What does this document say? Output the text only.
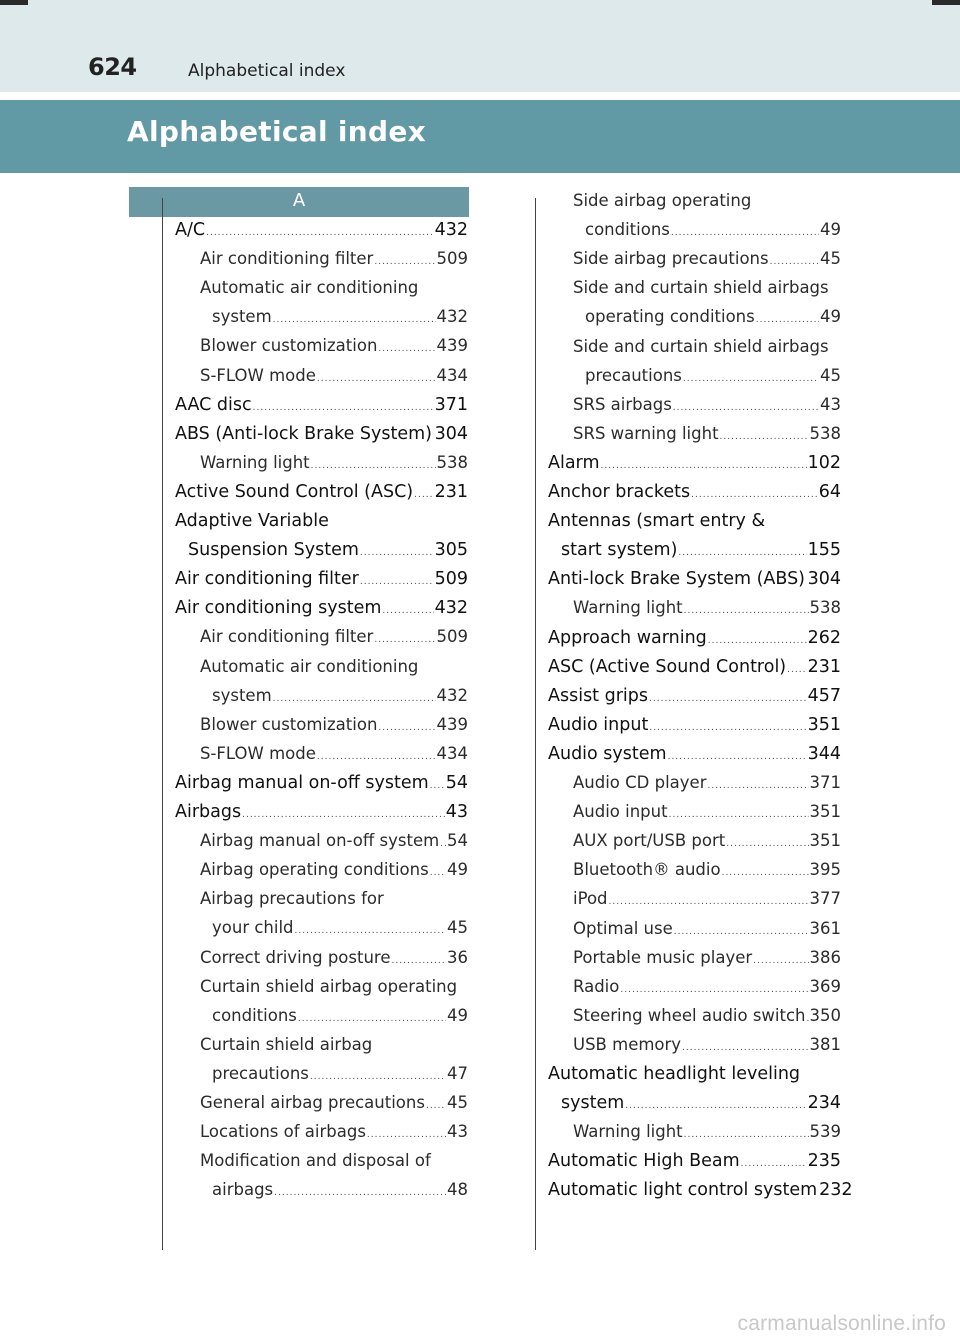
624	Alphabetical index
Alphabetical index
A
A/C .....	432
Air conditioning filter .....	509
Automatic air conditioning
system .....	432
Blower customization .....	439
S-FLOW mode .....	434
AAC disc .....	371
ABS (Anti-lock Brake System) ..... 304
Warning light .....	538
Active Sound Control (ASC) ..... 231
Adaptive Variable
Suspension System .....	305
Air conditioning filter .....	509
Air conditioning system .....	432
Air conditioning filter .....	509
Automatic air conditioning
system .....	432
Blower customization .....	439
S-FLOW mode .....	434
Airbag manual on-off system ..... 54
Airbags .....	43
Airbag manual on-off system ..... 54
Airbag operating conditions ..... 49
Airbag precautions for
your child .....	45
Correct driving posture .....	36
Curtain shield airbag operating
conditions .....	49
Curtain shield airbag
precautions .....	47
General airbag precautions ..... 45
Locations of airbags .....	43
Modification and disposal of
airbags .....	48
Side airbag operating
conditions .....	49
Side airbag precautions .....	45
Side and curtain shield airbags
operating conditions .....	49
Side and curtain shield airbags
precautions .....	45
SRS airbags .....	43
SRS warning light .....	538
Alarm .....	102
Anchor brackets .....	64
Antennas (smart entry &
start system) .....	155
Anti-lock Brake System (ABS) ..... 304
Warning light .....	538
Approach warning .....	262
ASC (Active Sound Control) ..... 231
Assist grips .....	457
Audio input .....	351
Audio system .....	344
Audio CD player .....	371
Audio input .....	351
AUX port/USB port .....	351
Bluetooth® audio .....	395
iPod .....	377
Optimal use .....	361
Portable music player .....	386
Radio .....	369
Steering wheel audio switch ..... 350
USB memory .....	381
Automatic headlight leveling
system .....	234
Warning light .....	539
Automatic High Beam .....	235
Automatic light control system 232
carmanualsonline.info
